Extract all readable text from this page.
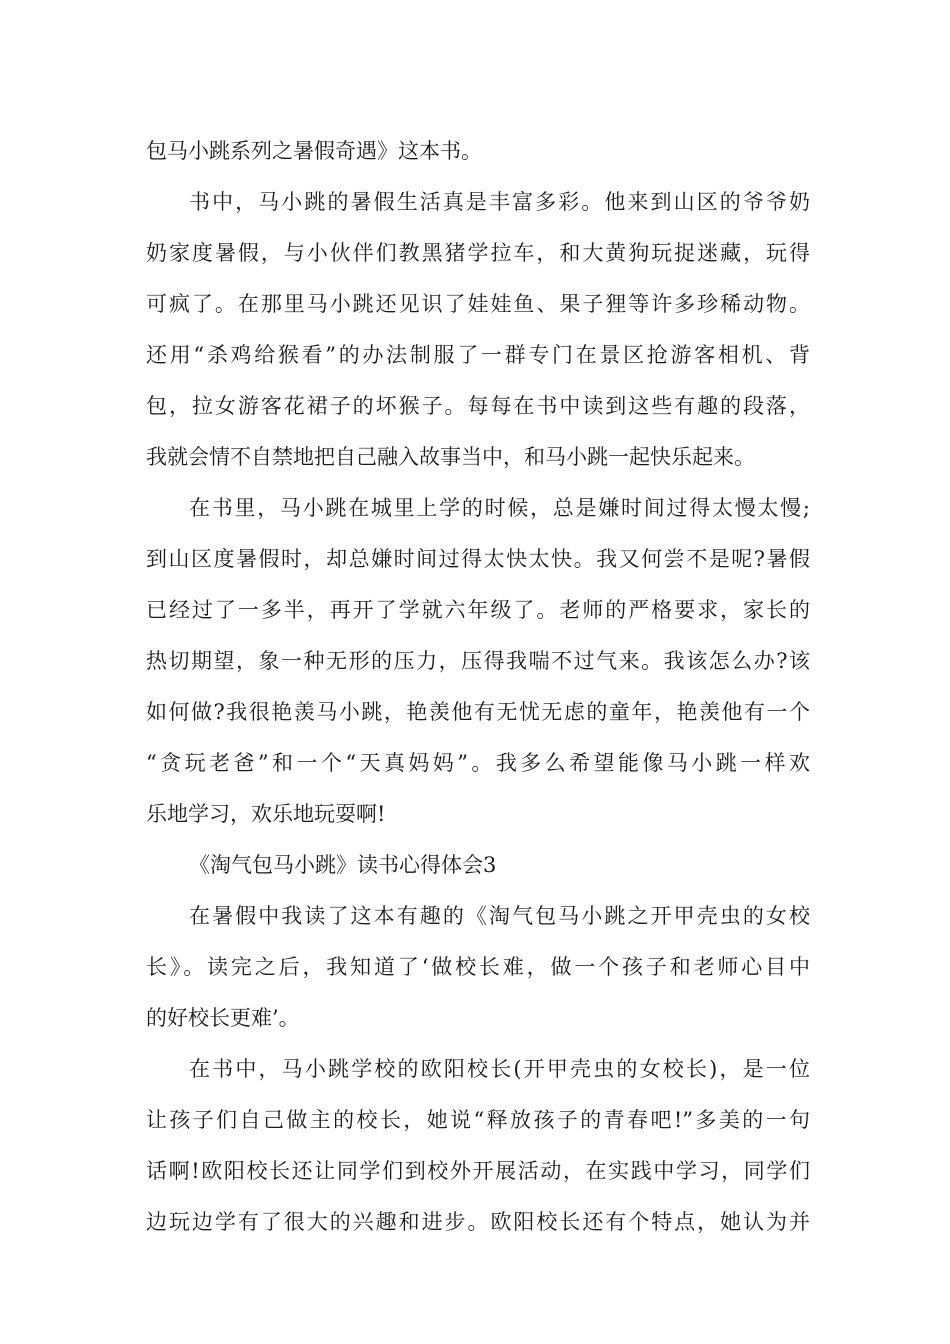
包马小跳系列之暑假奇遇》这本书。
书中，马小跳的暑假生活真是丰富多彩。他来到山区的爷爷奶
奶家度暑假，与小伙伴们教黑猪学拉车，和大黄狗玩捉迷藏，玩得
可疯了。在那里马小跳还见识了娃娃鱼、果子狸等许多珍稀动物。
还用“杀鸡给猴看”的办法制服了一群专门在景区抢游客相机、背
包，拉女游客花裙子的坏猴子。每每在书中读到这些有趣的段落，
我就会情不自禁地把自己融入故事当中，和马小跳一起快乐起来。
在书里，马小跳在城里上学的时候，总是嫌时间过得太慢太慢;
到山区度暑假时，却总嫌时间过得太快太快。我又何尝不是呢?暑假
已经过了一多半，再开了学就六年级了。老师的严格要求，家长的
热切期望，象一种无形的压力，压得我喘不过气来。我该怎么办?该
如何做?我很艳羡马小跳，艳羡他有无忧无虑的童年，艳羡他有一个
“贪玩老爸”和一个“天真妈妈”。我多么希望能像马小跳一样欢
乐地学习，欢乐地玩耍啊!
《淘气包马小跳》读书心得体会3
在暑假中我读了这本有趣的《淘气包马小跳之开甲壳虫的女校
长》。读完之后，我知道了‘做校长难，做一个孩子和老师心目中
的好校长更难’。
在书中，马小跳学校的欧阳校长(开甲壳虫的女校长)，是一位
让孩子们自己做主的校长，她说“释放孩子的青春吧!”多美的一句
话啊!欧阳校长还让同学们到校外开展活动，在实践中学习，同学们
边玩边学有了很大的兴趣和进步。欧阳校长还有个特点，她认为并
